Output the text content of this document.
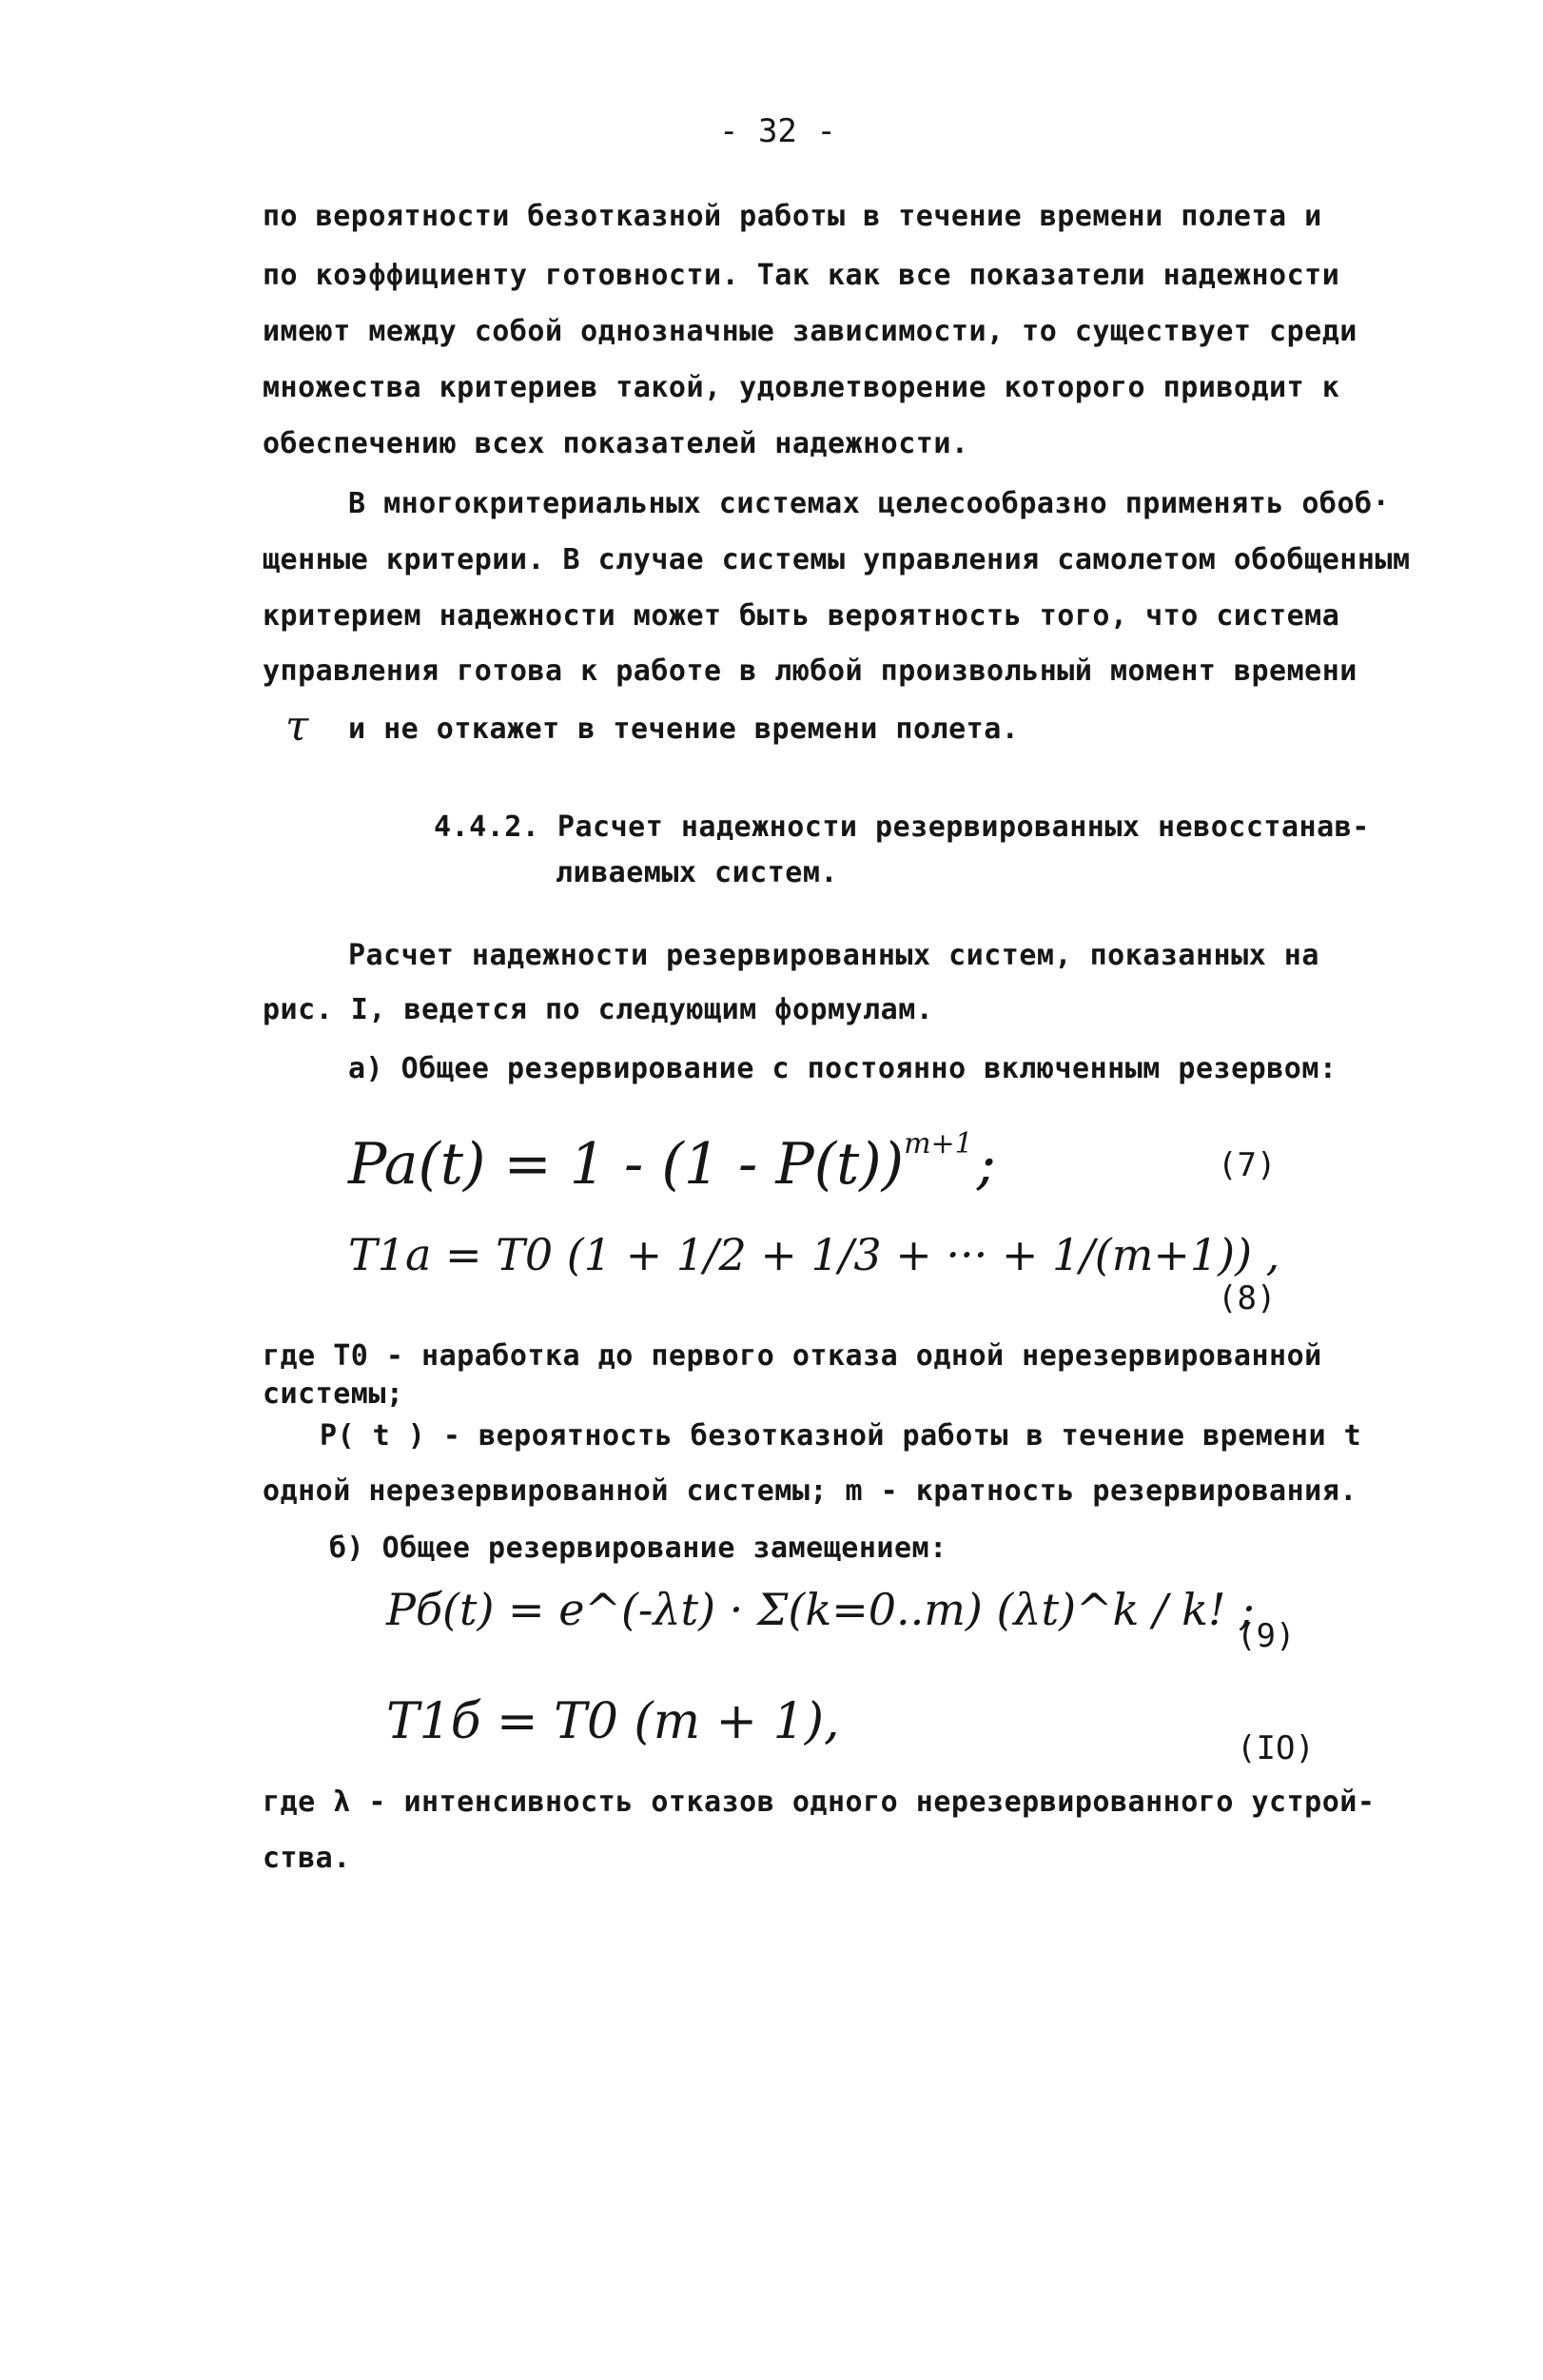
- 32 -
по вероятности безотказной работы в течение времени полета и
по коэффициенту готовности. Так как все показатели надежности
имеют между собой однозначные зависимости, то существует среди
множества критериев такой, удовлетворение которого приводит к
обеспечению всех показателей надежности.
В многокритериальных системах целесообразно применять обоб·
щенные критерии. В случае системы управления самолетом обобщенным
критерием надежности может быть вероятность того, что система
управления готова к работе в любой произвольный момент времени
τ и не откажет в течение времени полета.
4.4.2. Расчет надежности резервированных невосстанав-
ливаемых систем.
Расчет надежности резервированных систем, показанных на
рис. I, ведется по следующим формулам.
а) Общее резервирование с постоянно включенным резервом:
Pa(t) = 1 - (1 - P(t))$^{m+1}$;	(7)
T1a = T0 (1 + 1/2 + 1/3 + ··· + 1/(m+1)) ,
(8)
где T0 - наработка до первого отказа одной нерезервированной
системы;
P( t ) - вероятность безотказной работы в течение времени t
одной нерезервированной системы; m - кратность резервирования.
б) Общее резервирование замещением:
Pб(t) = e^(-λt) · Σ(k=0..m) (λt)^k / k! ;
(9)
T1б = T0 (m + 1),	(IO)
где λ - интенсивность отказов одного нерезервированного устрой-
ства.
